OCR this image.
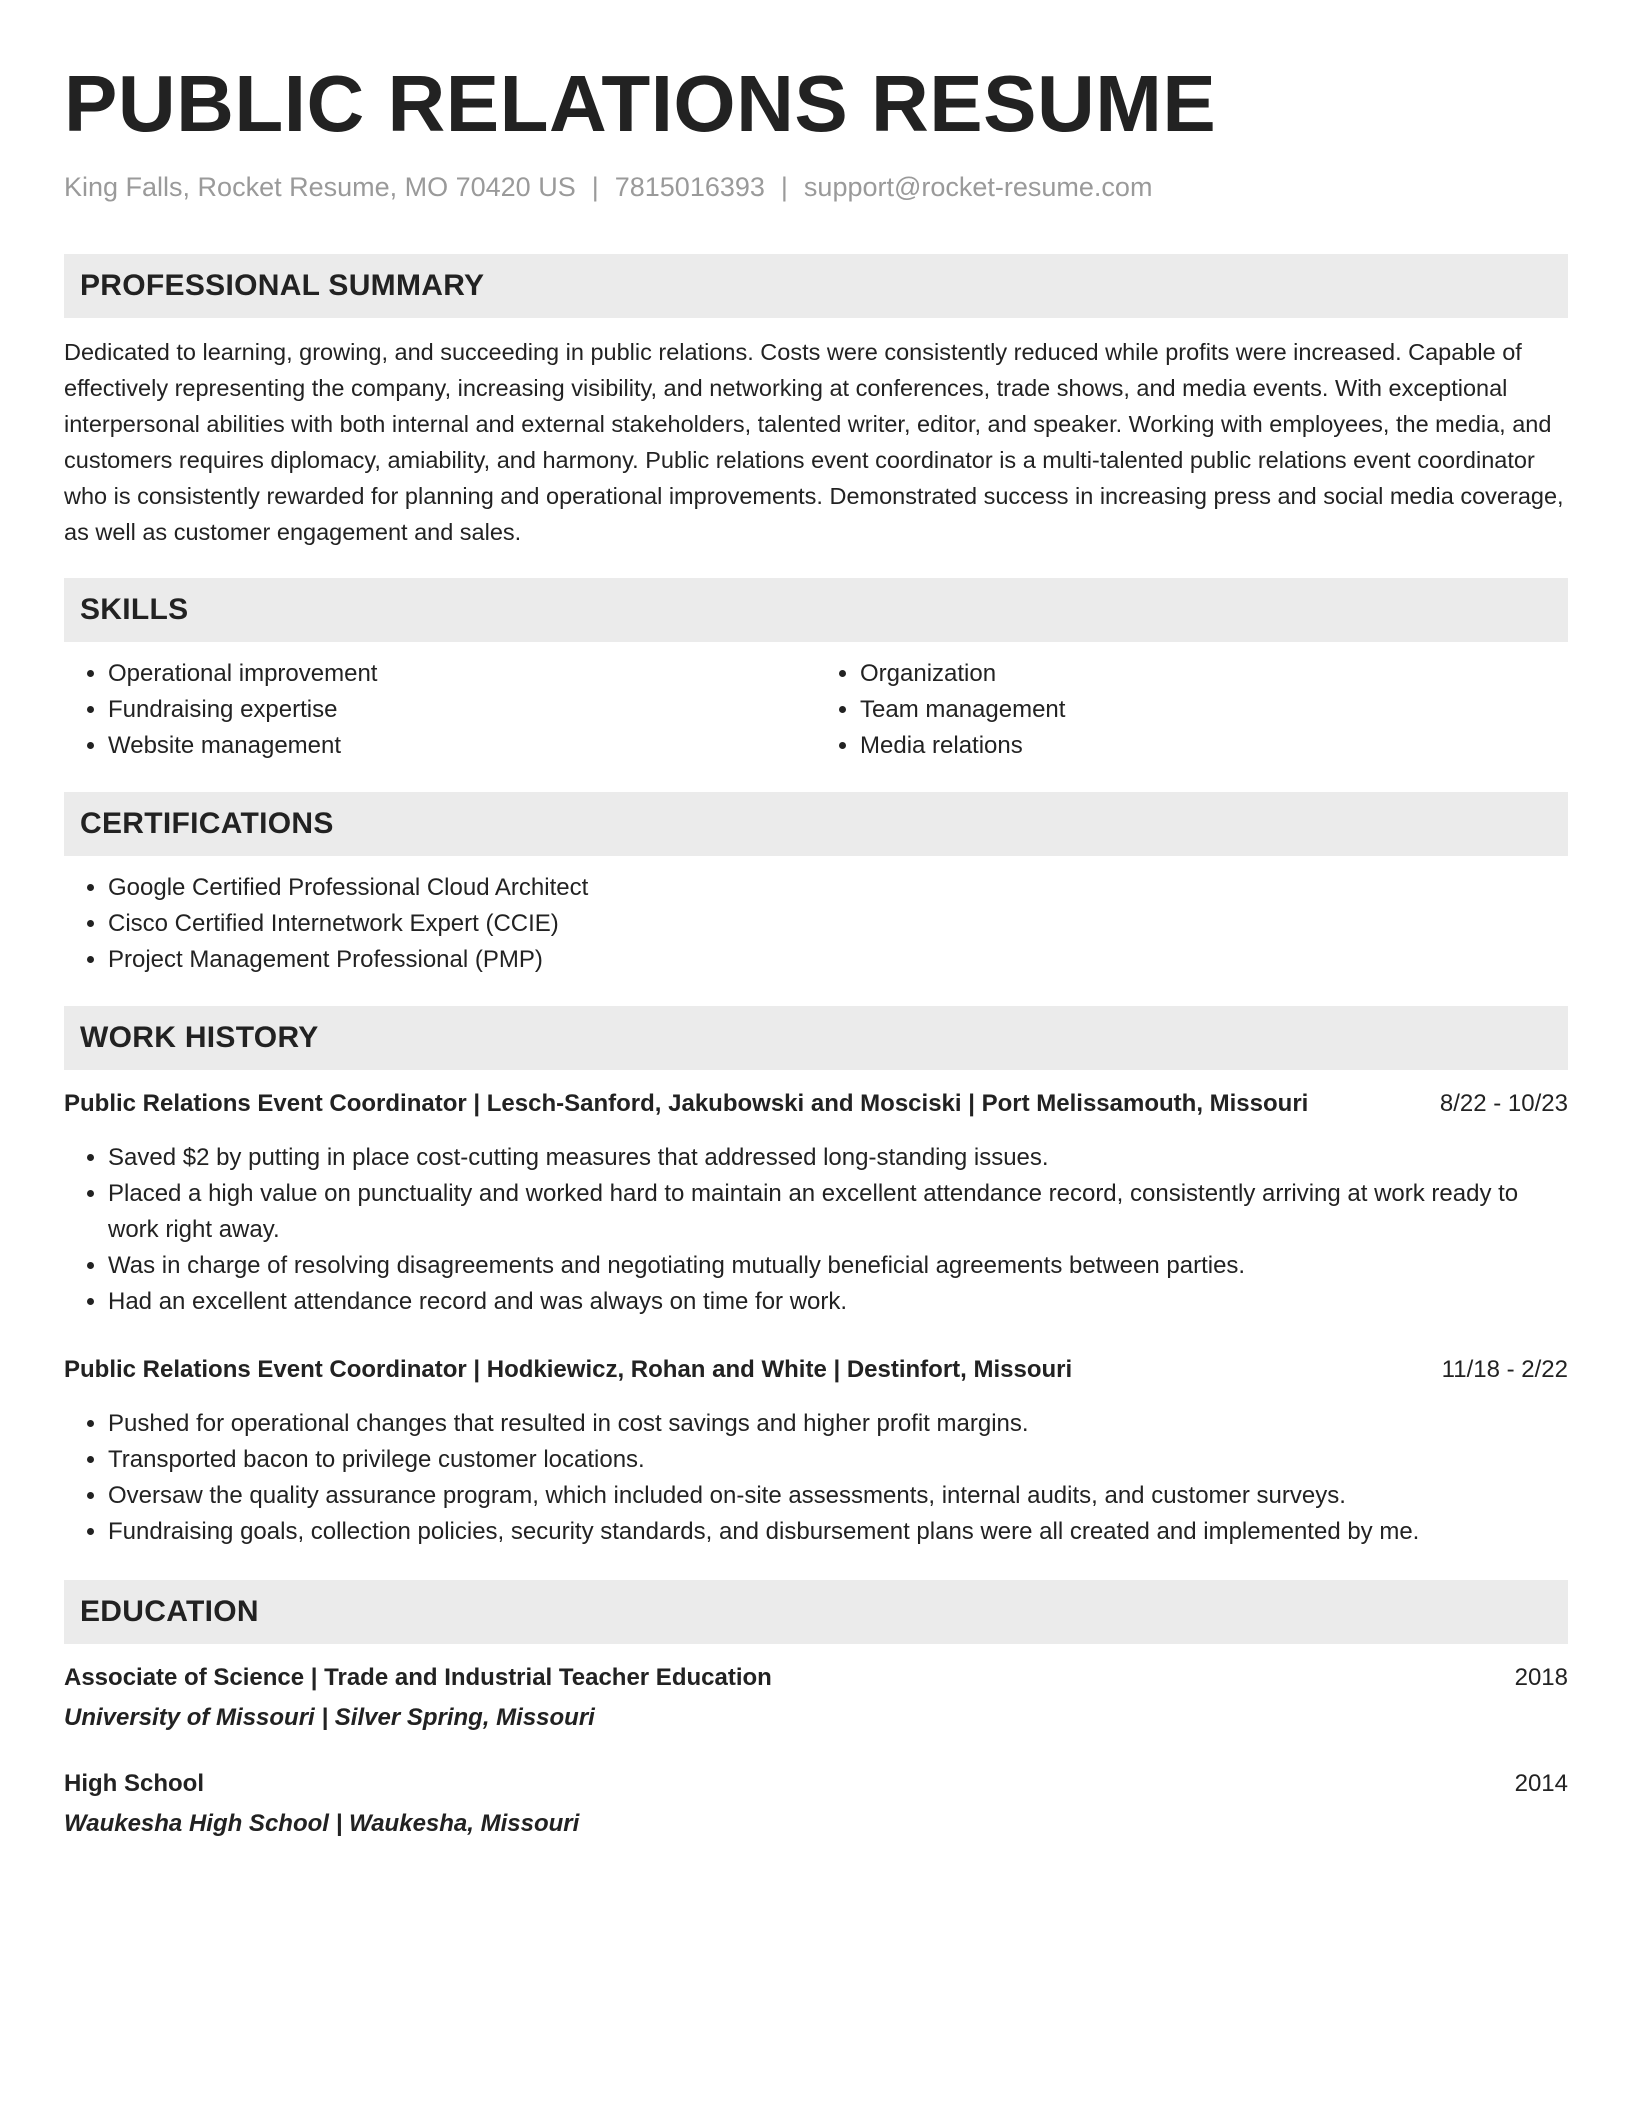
PUBLIC RELATIONS RESUME
King Falls, Rocket Resume, MO 70420 US | 7815016393 | support@rocket-resume.com
PROFESSIONAL SUMMARY

Dedicated to learning, growing, and succeeding in public relations. Costs were consistently reduced while profits were increased. Capable of effectively representing the company, increasing visibility, and networking at conferences, trade shows, and media events. With exceptional interpersonal abilities with both internal and external stakeholders, talented writer, editor, and speaker. Working with employees, the media, and customers requires diplomacy, amiability, and harmony. Public relations event coordinator is a multi-talented public relations event coordinator who is consistently rewarded for planning and operational improvements. Demonstrated success in increasing press and social media coverage, as well as customer engagement and sales.

SKILLS
• Operational improvement
• Fundraising expertise
• Website management
• Organization
• Team management
• Media relations
CERTIFICATIONS
• Google Certified Professional Cloud Architect
• Cisco Certified Internetwork Expert (CCIE)
• Project Management Professional (PMP)
WORK HISTORY
Public Relations Event Coordinator | Lesch-Sanford, Jakubowski and Mosciski | Port Melissamouth, Missouri	8/22 - 10/23
• Saved $2 by putting in place cost-cutting measures that addressed long-standing issues.
• Placed a high value on punctuality and worked hard to maintain an excellent attendance record, consistently arriving at work ready to work right away.
• Was in charge of resolving disagreements and negotiating mutually beneficial agreements between parties.
• Had an excellent attendance record and was always on time for work.
Public Relations Event Coordinator | Hodkiewicz, Rohan and White | Destinfort, Missouri	11/18 - 2/22
• Pushed for operational changes that resulted in cost savings and higher profit margins.
• Transported bacon to privilege customer locations.
• Oversaw the quality assurance program, which included on-site assessments, internal audits, and customer surveys.
• Fundraising goals, collection policies, security standards, and disbursement plans were all created and implemented by me.
EDUCATION
Associate of Science | Trade and Industrial Teacher Education	2018
University of Missouri | Silver Spring, Missouri
High School	2014
Waukesha High School | Waukesha, Missouri
